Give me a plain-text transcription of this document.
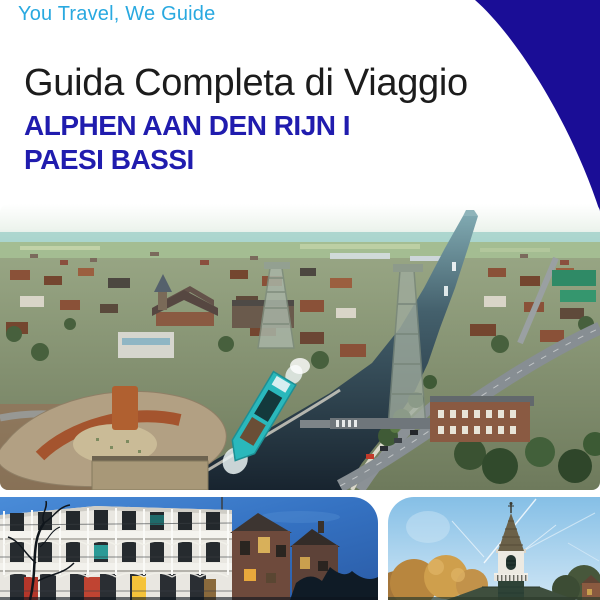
You Travel, We Guide
Guida Completa di Viaggio
ALPHEN AAN DEN RIJN I
PAESI BASSI
